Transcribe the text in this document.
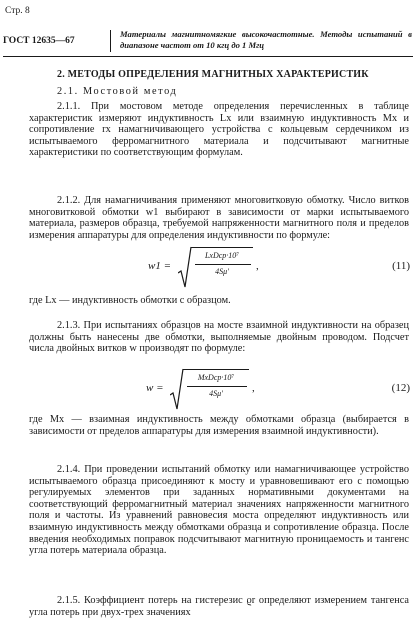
Стр. 8
ГОСТ 12635—67
Материалы магнитномягкие высокочастотные. Методы испытаний в диапазоне частот от 10 кгц до 1 Мгц
2. МЕТОДЫ ОПРЕДЕЛЕНИЯ МАГНИТНЫХ ХАРАКТЕРИСТИК

2.1. Мостовой метод

2.1.1. При мостовом методе определения перечисленных в таблице характеристик измеряют индуктивность Lx или взаимную индуктивность Mx и сопротивление rx намагничивающего устройства с кольцевым сердечником из испытываемого ферромагнитного материала и подсчитывают магнитные характеристики по соответствующим формулам.

2.1.2. Для намагничивания применяют многовитковую обмотку. Число витков многовитковой обмотки w1 выбирают в зависимости от марки испытываемого материала, размеров образца, требуемой напряженности магнитного поля и пределов измерения аппаратуры для определения индуктивности по формуле:

w1 =
LxDcp·10⁷
4Sμ′	,	(11)

где Lx — индуктивность обмотки с образцом.

2.1.3. При испытаниях образцов на мосте взаимной индуктивности на образец должны быть нанесены две обмотки, выполняемые двойным проводом. Подсчет числа двойных витков w производят по формуле:

w =
MxDcp·10⁷
4Sμ′	,	(12)

где Mx — взаимная индуктивность между обмотками образца (выбирается в зависимости от пределов аппаратуры для измерения взаимной индуктивности).

2.1.4. При проведении испытаний обмотку или намагничивающее устройство испытываемого образца присоединяют к мосту и уравновешивают его с помощью регулируемых элементов при заданных нормативными документами на соответствующий ферромагнитный материал значениях напряженности магнитного поля и частоты. Из уравнений равновесия моста определяют индуктивность или взаимную индуктивность между обмотками образца и сопротивление образца. После введения необходимых поправок подсчитывают магнитную проницаемость и тангенс угла потерь материала образца.

2.1.5. Коэффициент потерь на гистерезис ϱr определяют измерением тангенса угла потерь при двух-трех значениях
